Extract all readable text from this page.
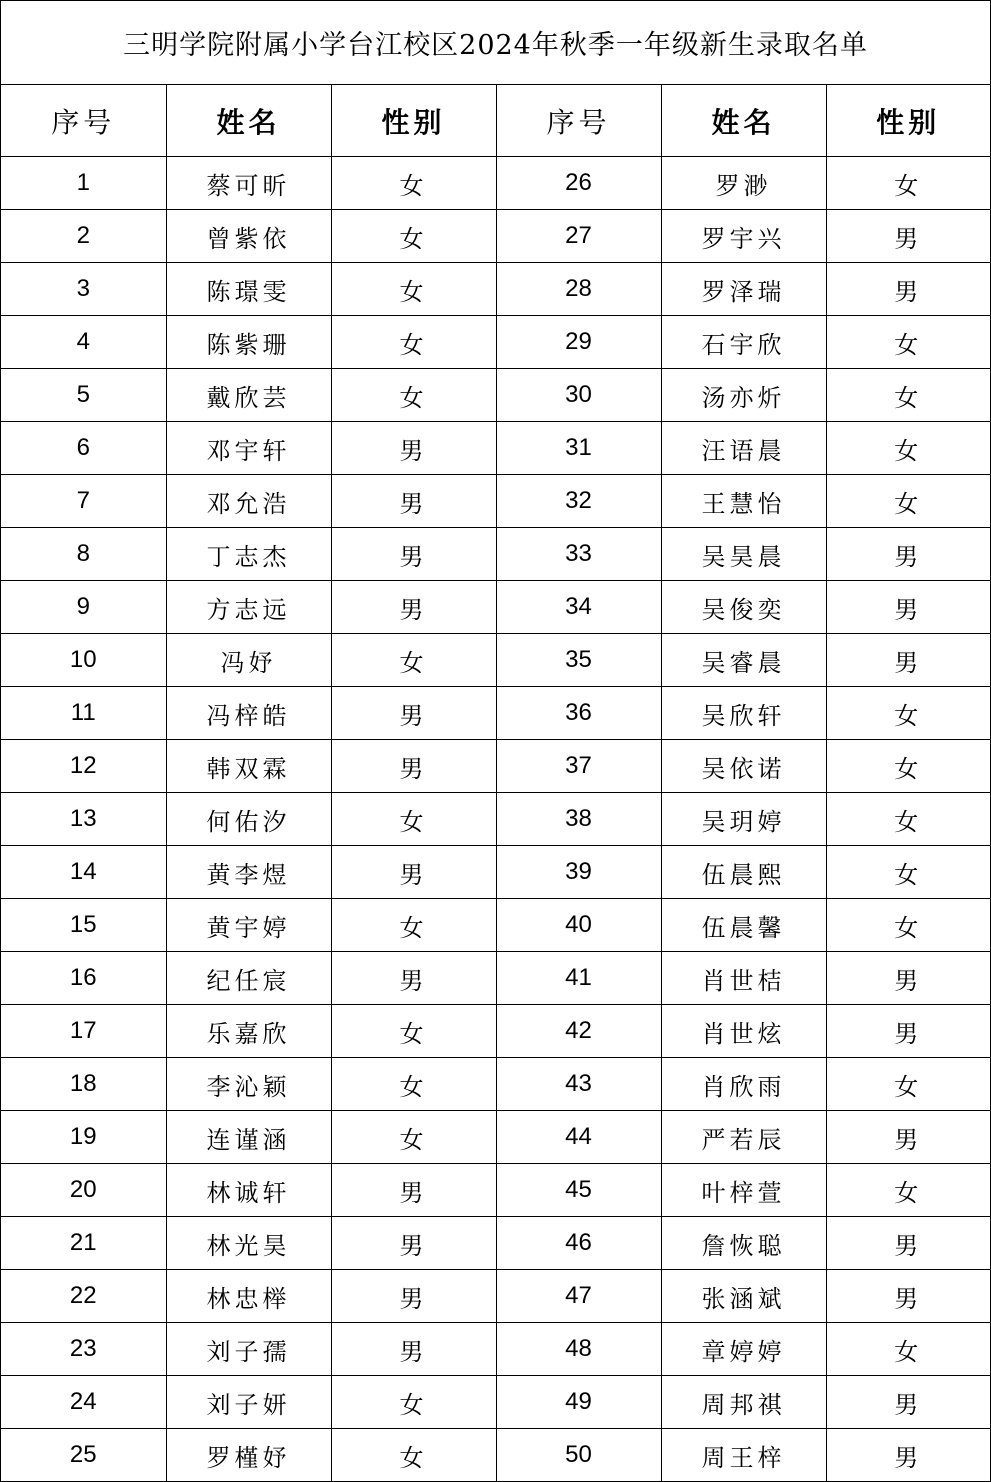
三明学院附属小学台江校区2024年秋季一年级新生录取名单
序号	姓名	性别	序号	姓名	性别
1	蔡可昕	女	26	罗渺	女
2	曾紫依	女	27	罗宇兴	男
3	陈璟雯	女	28	罗泽瑞	男
4	陈紫珊	女	29	石宇欣	女
5	戴欣芸	女	30	汤亦炘	女
6	邓宇轩	男	31	汪语晨	女
7	邓允浩	男	32	王慧怡	女
8	丁志杰	男	33	吴昊晨	男
9	方志远	男	34	吴俊奕	男
10	冯妤	女	35	吴睿晨	男
11	冯梓皓	男	36	吴欣轩	女
12	韩双霖	男	37	吴依诺	女
13	何佑汐	女	38	吴玥婷	女
14	黄李煜	男	39	伍晨熙	女
15	黄宇婷	女	40	伍晨馨	女
16	纪任宸	男	41	肖世桔	男
17	乐嘉欣	女	42	肖世炫	男
18	李沁颖	女	43	肖欣雨	女
19	连谨涵	女	44	严若辰	男
20	林诚轩	男	45	叶梓萱	女
21	林光昊	男	46	詹恢聪	男
22	林忠榉	男	47	张涵斌	男
23	刘子孺	男	48	章婷婷	女
24	刘子妍	女	49	周邦祺	男
25	罗槿妤	女	50	周王梓	男
